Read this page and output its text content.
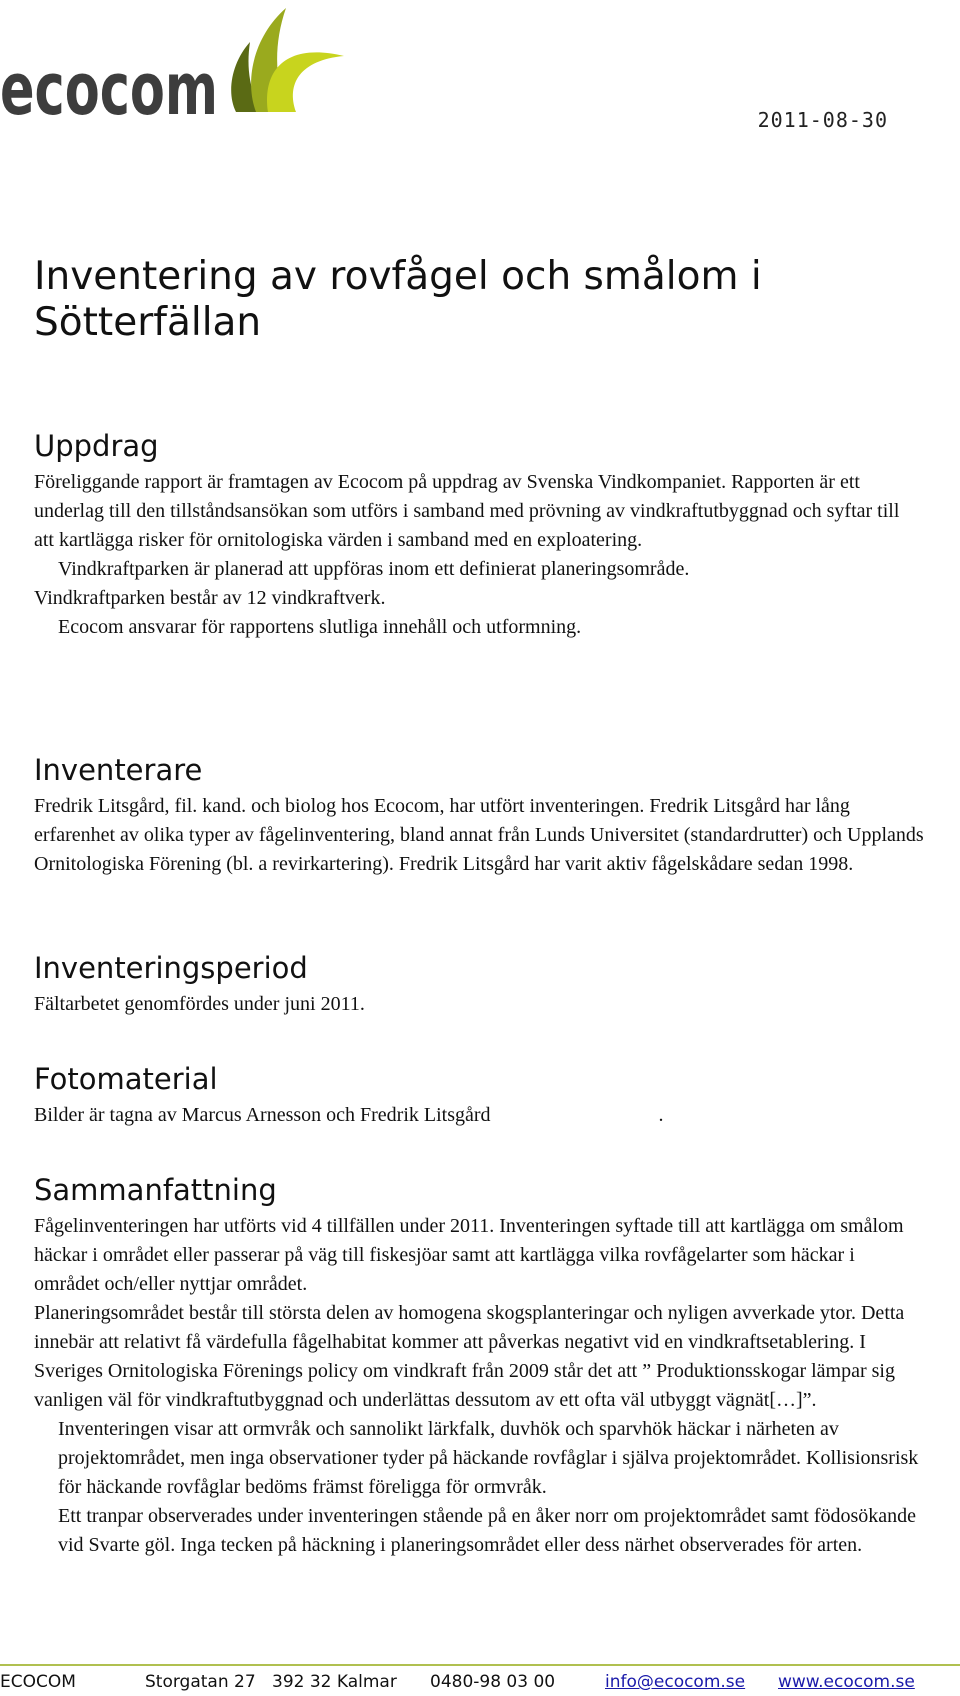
ecocom	2011-08-30
Inventering av rovfågel och smålom i Sötterfällan
Uppdrag

Föreliggande rapport är framtagen av Ecocom på uppdrag av Svenska Vindkompaniet. Rapporten är ett underlag till den tillståndsansökan som utförs i samband med prövning av vindkraftutbyggnad och syftar till att kartlägga risker för ornitologiska värden i samband med en exploatering.

Vindkraftparken är planerad att uppföras inom ett definierat planeringsområde.

Vindkraftparken består av 12 vindkraftverk.

Ecocom ansvarar för rapportens slutliga innehåll och utformning.

Inventerare

Fredrik Litsgård, fil. kand. och biolog hos Ecocom, har utfört inventeringen. Fredrik Litsgård har lång erfarenhet av olika typer av fågelinventering, bland annat från Lunds Universitet (standardrutter) och Upplands Ornitologiska Förening (bl. a revirkartering). Fredrik Litsgård har varit aktiv fågelskådare sedan 1998.

Inventeringsperiod

Fältarbetet genomfördes under juni 2011.

Fotomaterial

Bilder är tagna av Marcus Arnesson och Fredrik Litsgård	.

Sammanfattning

Fågelinventeringen har utförts vid 4 tillfällen under 2011. Inventeringen syftade till att kartlägga om smålom häckar i området eller passerar på väg till fiskesjöar samt att kartlägga vilka rovfågelarter som häckar i området och/eller nyttjar området.

Planeringsområdet består till största delen av homogena skogsplanteringar och nyligen avverkade ytor. Detta innebär att relativt få värdefulla fågelhabitat kommer att påverkas negativt vid en vindkraftsetablering. I Sveriges Ornitologiska Förenings policy om vindkraft från 2009 står det att ” Produktionsskogar lämpar sig vanligen väl för vindkraftutbyggnad och underlättas dessutom av ett ofta väl utbyggt vägnät[…]”.

Inventeringen visar att ormvråk och sannolikt lärkfalk, duvhök och sparvhök häckar i närheten av projektområdet, men inga observationer tyder på häckande rovfåglar i själva projektområdet. Kollisionsrisk för häckande rovfåglar bedöms främst föreligga för ormvråk.

Ett tranpar observerades under inventeringen stående på en åker norr om projektområdet samt födosökande vid Svarte göl. Inga tecken på häckning i planeringsområdet eller dess närhet observerades för arten.

ECOCOM	Storgatan 27 392 32 Kalmar 0480-98 03 00	info@ecocom.se www.ecocom.se
